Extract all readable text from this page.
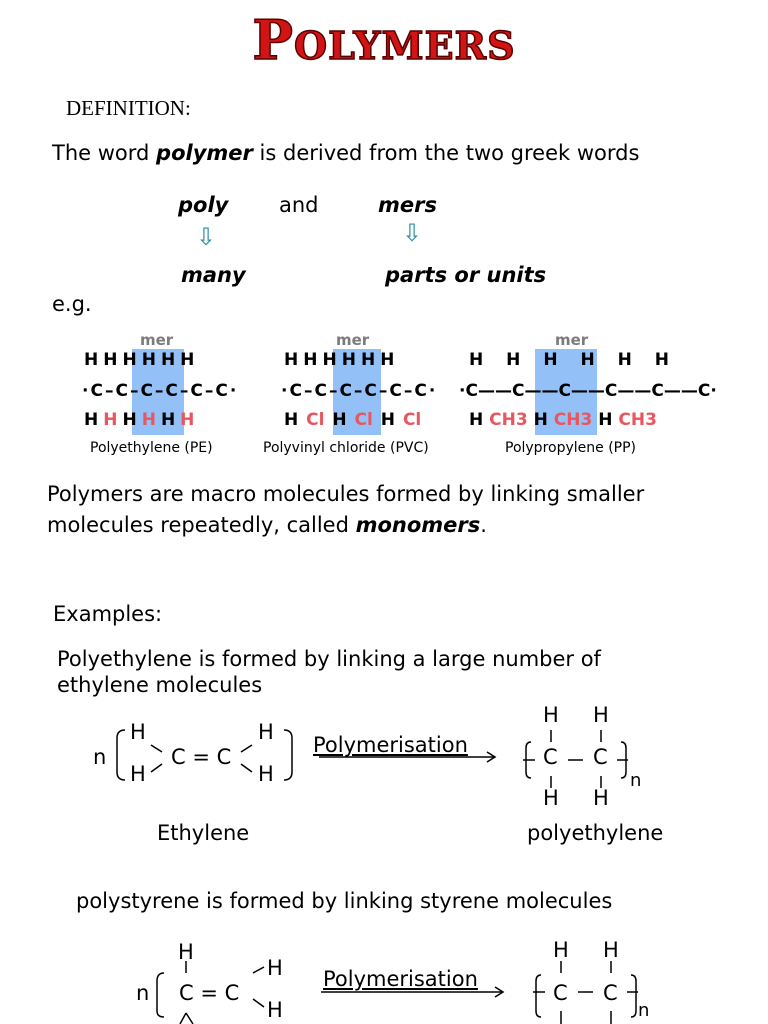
Polymers
DEFINITION:
The word polymer is derived from the two greek words
poly and	mers
⇩	⇩
many	parts or units
e.g.
mer
HHHHHH
·C–C–C–C–C–C·
HHHHHH
Polyethylene (PE)
mer
HHHHHH
·C–C–C–C–C–C·
H Cl H Cl H Cl
Polyvinyl chloride (PVC)
mer
H H H H H H
·C——C——C——C——C——C·
H CH3 H CH3 H CH3
Polypropylene (PP)
Polymers are macro molecules formed by linking smaller
molecules repeatedly, called monomers.
Examples:
Polyethylene is formed by linking a large number of
ethylene molecules
n
H
H
C = C
H
H
Polymerisation
H H
C C
H H
n
Ethylene	polyethylene
polystyrene is formed by linking styrene molecules
n
H
C = C
H
H
Polymerisation
H H
C C
n
